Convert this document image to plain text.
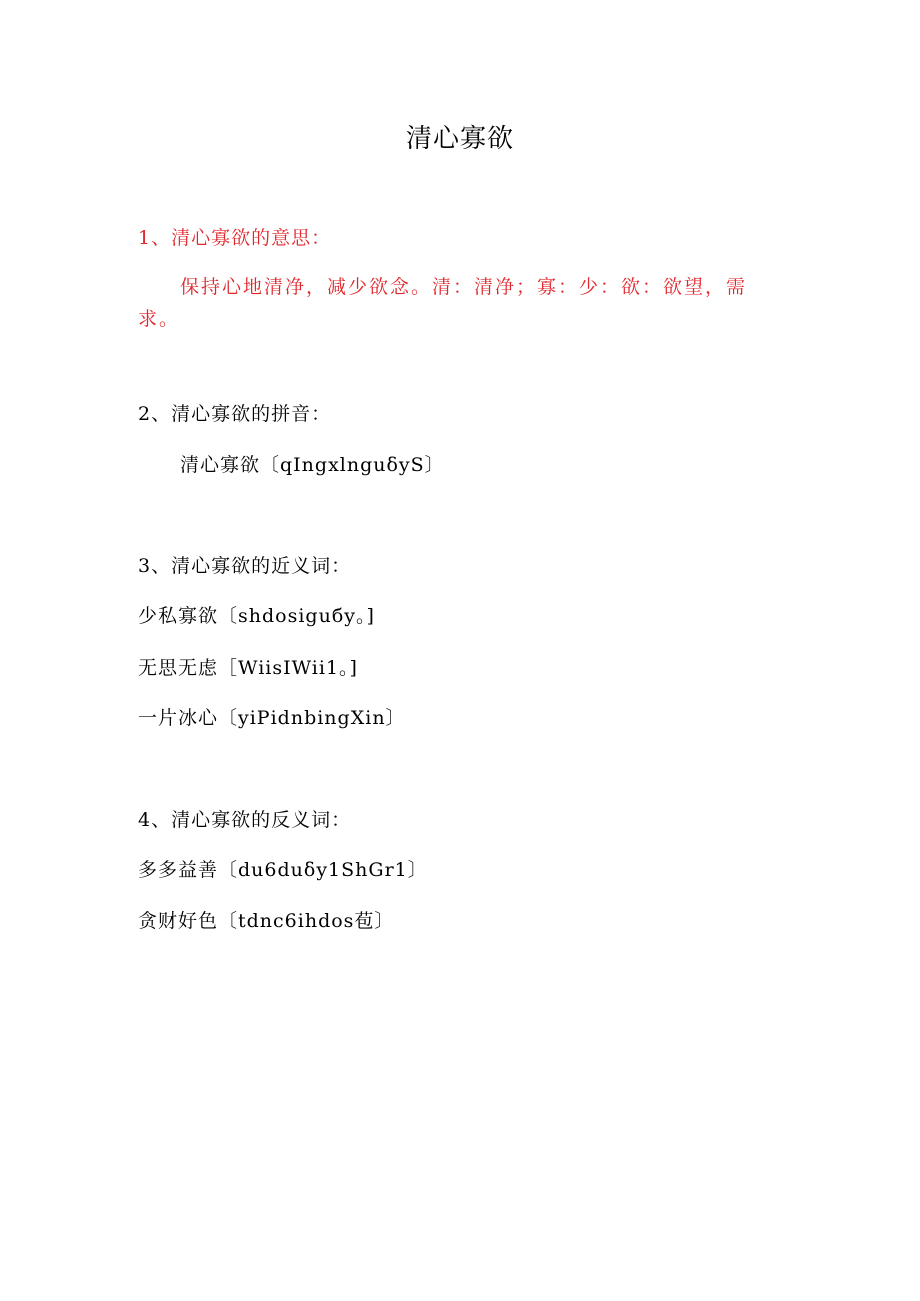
清心寡欲
1、清心寡欲的意思：
保持心地清净，减少欲念。清：清净；寡：少：欲：欲望，需求。
2、清心寡欲的拼音：
清心寡欲〔qIngxlnguδyS〕
3、清心寡欲的近义词：
少私寡欲〔shdosiguбy。]
无思无虑［WiisIWii1。]
一片冰心〔yiPidnbingXin〕
4、清心寡欲的反义词：
多多益善〔du6duδy1ShGr1〕
贪财好色〔tdnc6ihdos苞〕
